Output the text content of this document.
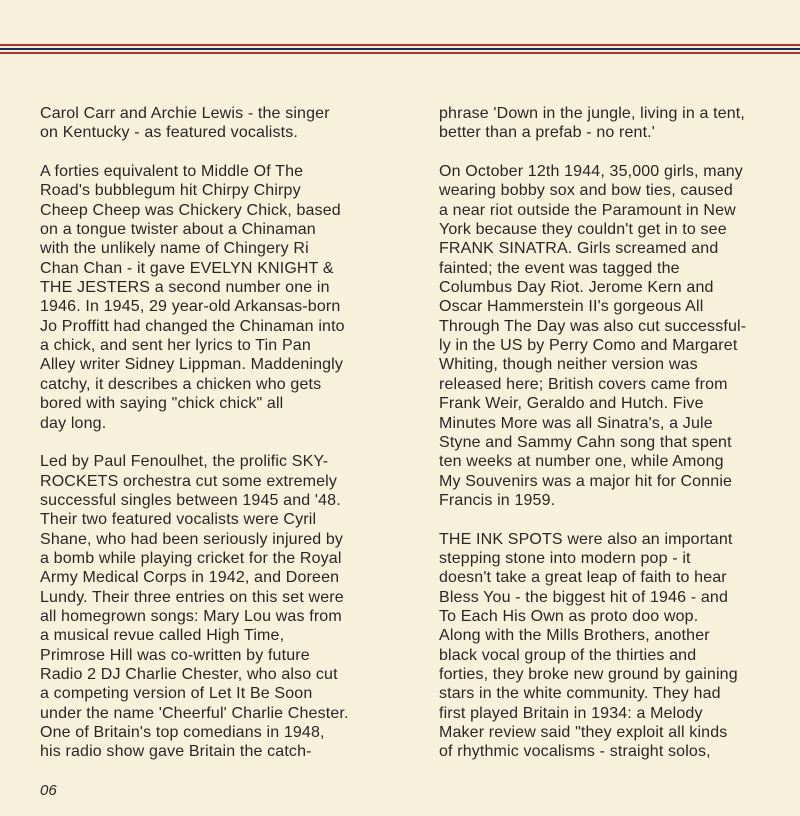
Carol Carr and Archie Lewis - the singer
on Kentucky - as featured vocalists.

A forties equivalent to Middle Of The
Road's bubblegum hit Chirpy Chirpy
Cheep Cheep was Chickery Chick, based
on a tongue twister about a Chinaman
with the unlikely name of Chingery Ri
Chan Chan - it gave EVELYN KNIGHT &
THE JESTERS a second number one in
1946. In 1945, 29 year-old Arkansas-born
Jo Proffitt had changed the Chinaman into
a chick, and sent her lyrics to Tin Pan
Alley writer Sidney Lippman. Maddeningly
catchy, it describes a chicken who gets
bored with saying "chick chick" all
day long.

Led by Paul Fenoulhet, the prolific SKY-
ROCKETS orchestra cut some extremely
successful singles between 1945 and '48.
Their two featured vocalists were Cyril
Shane, who had been seriously injured by
a bomb while playing cricket for the Royal
Army Medical Corps in 1942, and Doreen
Lundy. Their three entries on this set were
all homegrown songs: Mary Lou was from
a musical revue called High Time,
Primrose Hill was co-written by future
Radio 2 DJ Charlie Chester, who also cut
a competing version of Let It Be Soon
under the name 'Cheerful' Charlie Chester.
One of Britain's top comedians in 1948,
his radio show gave Britain the catch-

phrase 'Down in the jungle, living in a tent,
better than a prefab - no rent.'

On October 12th 1944, 35,000 girls, many
wearing bobby sox and bow ties, caused
a near riot outside the Paramount in New
York because they couldn't get in to see
FRANK SINATRA. Girls screamed and
fainted; the event was tagged the
Columbus Day Riot. Jerome Kern and
Oscar Hammerstein II's gorgeous All
Through The Day was also cut successful-
ly in the US by Perry Como and Margaret
Whiting, though neither version was
released here; British covers came from
Frank Weir, Geraldo and Hutch. Five
Minutes More was all Sinatra's, a Jule
Styne and Sammy Cahn song that spent
ten weeks at number one, while Among
My Souvenirs was a major hit for Connie
Francis in 1959.

THE INK SPOTS were also an important
stepping stone into modern pop - it
doesn't take a great leap of faith to hear
Bless You - the biggest hit of 1946 - and
To Each His Own as proto doo wop.
Along with the Mills Brothers, another
black vocal group of the thirties and
forties, they broke new ground by gaining
stars in the white community. They had
first played Britain in 1934: a Melody
Maker review said "they exploit all kinds
of rhythmic vocalisms - straight solos,

06
